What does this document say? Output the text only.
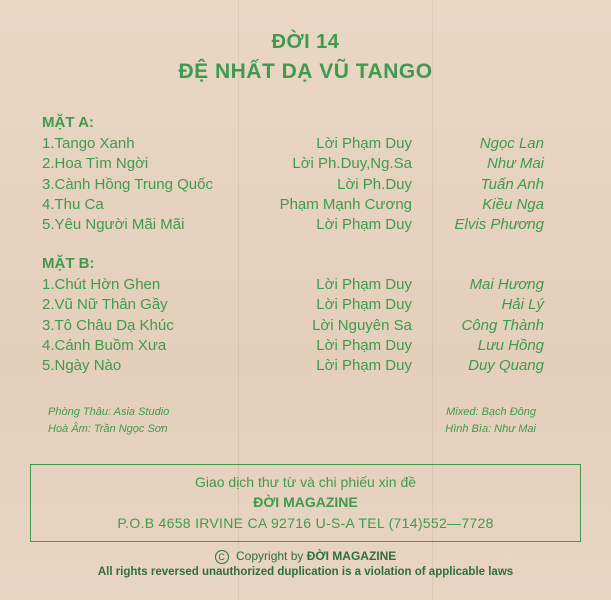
ĐỜI 14
ĐỆ NHẤT DẠ VŨ TANGO
MẶT A:
1.Tango Xanh	Lời Phạm Duy	Ngọc Lan
2.Hoa Tìm Ngời	Lời Ph.Duy,Ng.Sa	Như Mai
3.Cành Hồng Trung Quốc	Lời Ph.Duy	Tuấn Anh
4.Thu Ca	Phạm Mạnh Cương	Kiều Nga
5.Yêu Người Mãi Mãi	Lời Phạm Duy	Elvis Phương
MẶT B:
1.Chút Hờn Ghen	Lời Phạm Duy	Mai Hương
2.Vũ Nữ Thân Gầy	Lời Phạm Duy	Hải Lý
3.Tô Châu Dạ Khúc	Lời Nguyên Sa	Công Thành
4.Cánh Buồm Xưa	Lời Phạm Duy	Lưu Hồng
5.Ngày Nào	Lời Phạm Duy	Duy Quang
Phòng Thâu: Asia Studio
Hoà Âm: Trần Ngọc Sơn
Mixed: Bạch Đông
Hình Bìa: Như Mai
Giao dịch thư từ và chi phiếu xin đề
ĐỜI MAGAZINE
P.O.B 4658 IRVINE CA 92716 U-S-A TEL (714)552—7728
C Copyright by ĐỜI MAGAZINE
All rights reversed unauthorized duplication is a violation of applicable laws
